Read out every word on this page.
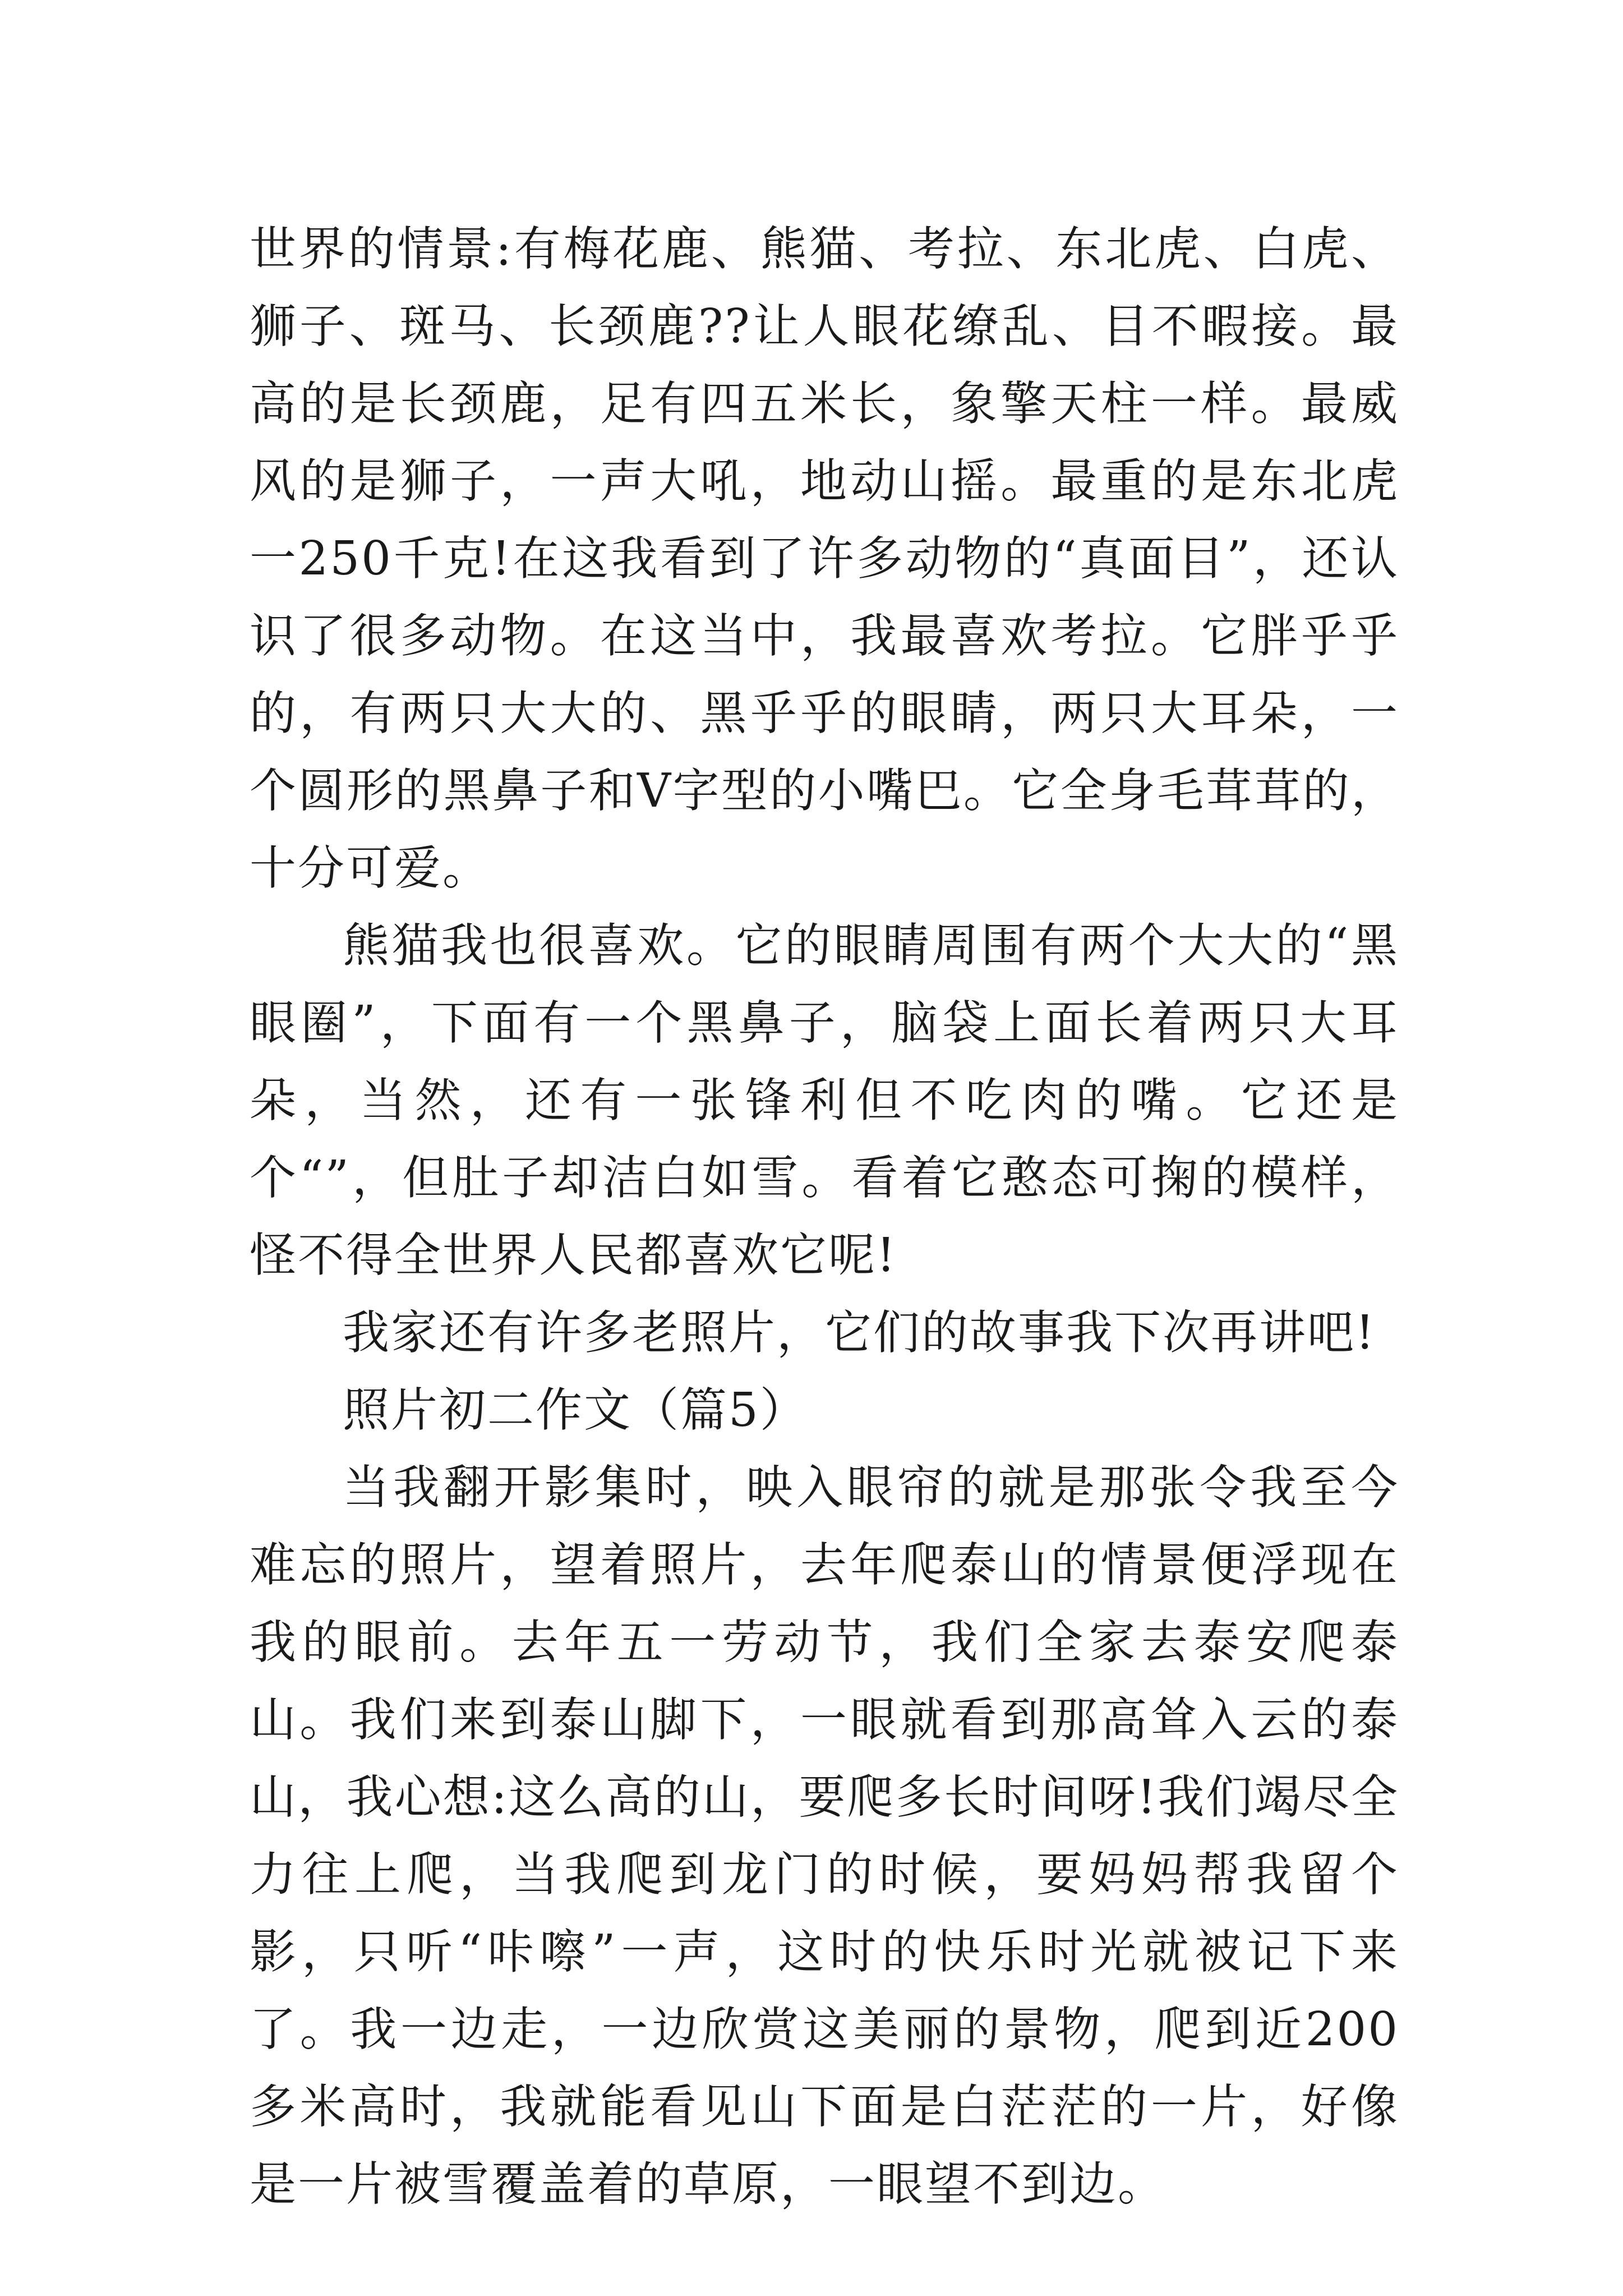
世界的情景:有梅花鹿、熊猫、考拉、东北虎、白虎、狮子、斑马、长颈鹿??让人眼花缭乱、目不暇接。最高的是长颈鹿，足有四五米长，象擎天柱一样。最威风的是狮子，一声大吼，地动山摇。最重的是东北虎一250千克!在这我看到了许多动物的“真面目”，还认识了很多动物。在这当中，我最喜欢考拉。它胖乎乎的，有两只大大的、黑乎乎的眼睛，两只大耳朵，一个圆形的黑鼻子和V字型的小嘴巴。它全身毛茸茸的，十分可爱。

熊猫我也很喜欢。它的眼睛周围有两个大大的“黑眼圈”，下面有一个黑鼻子，脑袋上面长着两只大耳朵，当然，还有一张锋利但不吃肉的嘴。它还是个“”，但肚子却洁白如雪。看着它憨态可掬的模样，怪不得全世界人民都喜欢它呢!

我家还有许多老照片，它们的故事我下次再讲吧!

照片初二作文（篇5）

当我翻开影集时，映入眼帘的就是那张令我至今难忘的照片，望着照片，去年爬泰山的情景便浮现在我的眼前。去年五一劳动节，我们全家去泰安爬泰山。我们来到泰山脚下，一眼就看到那高耸入云的泰山，我心想:这么高的山，要爬多长时间呀!我们竭尽全力往上爬，当我爬到龙门的时候，要妈妈帮我留个影，只听“咔嚓”一声，这时的快乐时光就被记下来了。我一边走，一边欣赏这美丽的景物，爬到近200多米高时，我就能看见山下面是白茫茫的一片，好像是一片被雪覆盖着的草原，一眼望不到边。
